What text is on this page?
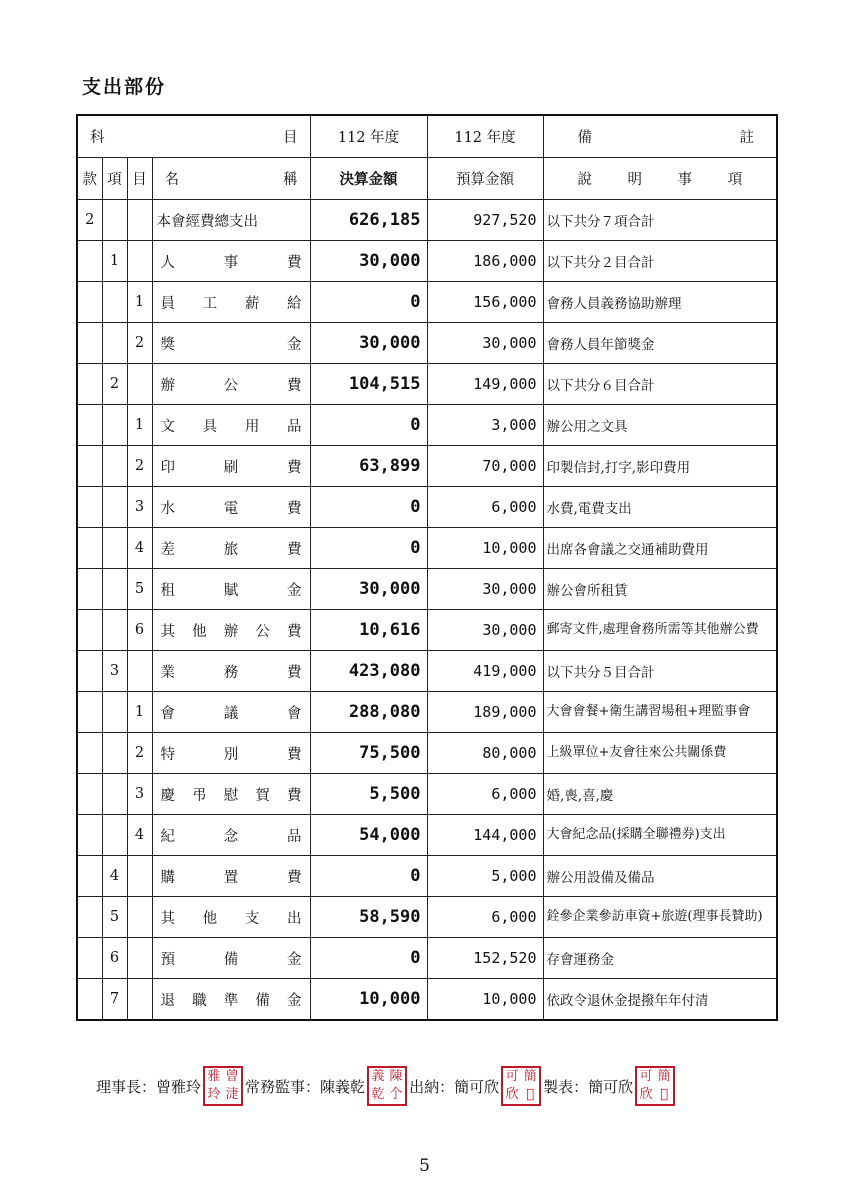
支出部份
科 目				112 年度	112 年度	備 註

款	項	目	名 稱	決算金額	預算金額	說 明 事 項

2			本會經費總支出	626,185	927,520	以下共分７項合計
	1		人事費	30,000	186,000	以下共分２目合計
		1	員工薪給	0	156,000	會務人員義務協助辦理
		2	獎金	30,000	30,000	會務人員年節獎金
	2		辦公費	104,515	149,000	以下共分６目合計
		1	文具用品	0	3,000	辦公用之文具
		2	印刷費	63,899	70,000	印製信封,打字,影印費用
		3	水電費	0	6,000	水費,電費支出
		4	差旅費	0	10,000	出席各會議之交通補助費用
		5	租賦金	30,000	30,000	辦公會所租賃
		6	其他辦公費	10,616	30,000	郵寄文件,處理會務所需等其他辦公費
	3		業務費	423,080	419,000	以下共分５目合計
		1	會議會	288,080	189,000	大會會餐+衛生講習場租+理監事會
		2	特別費	75,500	80,000	上級單位+友會往來公共關係費
		3	慶弔慰賀費	5,500	6,000	婚,喪,喜,慶
		4	紀念品	54,000	144,000	大會紀念品(採購全聯禮券)支出
	4		購置費	0	5,000	辦公用設備及備品
	5		其他支出	58,590	6,000	銓參企業參訪車資+旅遊(理事長贊助)
	6		預備金	0	152,520	存會運務金
	7		退職準備金	10,000	10,000	依政令退休金提撥年年付清
理事長： 曾雅玲
雅 曾
玲 𣶏 常務監事： 陳義乾
義 陳
乾 𠆤 出納： 簡可欣
可 簡
欣 𨳇 製表： 簡可欣
可 簡
欣 𨳇
5
